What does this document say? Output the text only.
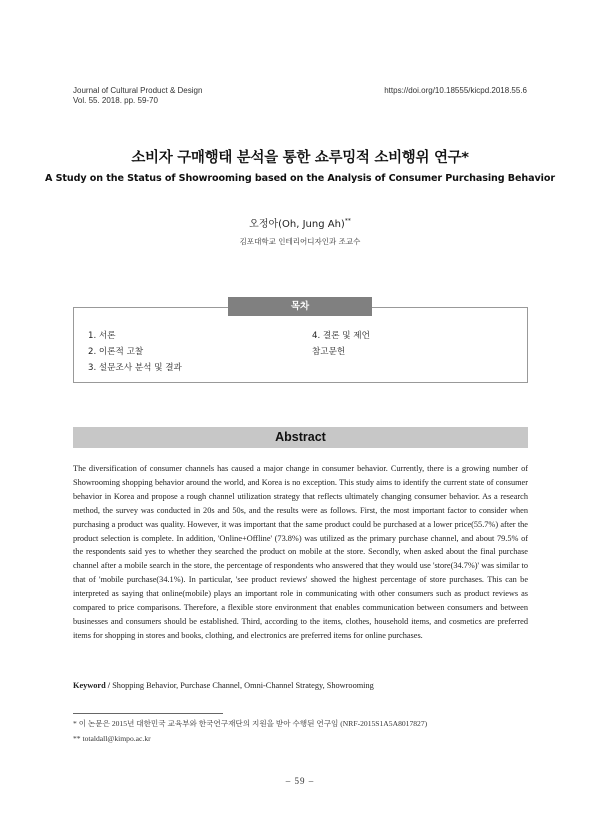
Journal of Cultural Product & Design
Vol. 55. 2018. pp. 59-70
https://doi.org/10.18555/kicpd.2018.55.6
소비자 구매행태 분석을 통한 쇼루밍적 소비행위 연구*
A Study on the Status of Showrooming based on the Analysis of Consumer Purchasing Behavior
오정아(Oh, Jung Ah)**
김포대학교 인테리어디자인과 조교수
목차
1. 서론
2. 이론적 고찰
3. 설문조사 분석 및 결과
4. 결론 및 제언
참고문헌
Abstract
The diversification of consumer channels has caused a major change in consumer behavior. Currently, there is a growing number of Showrooming shopping behavior around the world, and Korea is no exception. This study aims to identify the current state of consumer behavior in Korea and propose a rough channel utilization strategy that reflects ultimately changing consumer behavior. As a research method, the survey was conducted in 20s and 50s, and the results were as follows. First, the most important factor to consider when purchasing a product was quality. However, it was important that the same product could be purchased at a lower price(55.7%) after the product selection is complete. In addition, 'Online+Offline' (73.8%) was utilized as the primary purchase channel, and about 79.5% of the respondents said yes to whether they searched the product on mobile at the store. Secondly, when asked about the final purchase channel after a mobile search in the store, the percentage of respondents who answered that they would use 'store(34.7%)' was similar to that of 'mobile purchase(34.1%). In particular, 'see product reviews' showed the highest percentage of store purchases. This can be interpreted as saying that online(mobile) plays an important role in communicating with other consumers such as product reviews as compared to price comparisons. Therefore, a flexible store environment that enables communication between consumers and between businesses and consumers should be established. Third, according to the items, clothes, household items, and cosmetics are preferred items for shopping in stores and books, clothing, and electronics are preferred items for online purchases.
Keyword / Shopping Behavior, Purchase Channel, Omni-Channel Strategy, Showrooming
* 이 논문은 2015년 대한민국 교육부와 한국연구재단의 지원을 받아 수행된 연구임 (NRF-2015S1A5A8017827)
** totaldall@kimpo.ac.kr
– 59 –
